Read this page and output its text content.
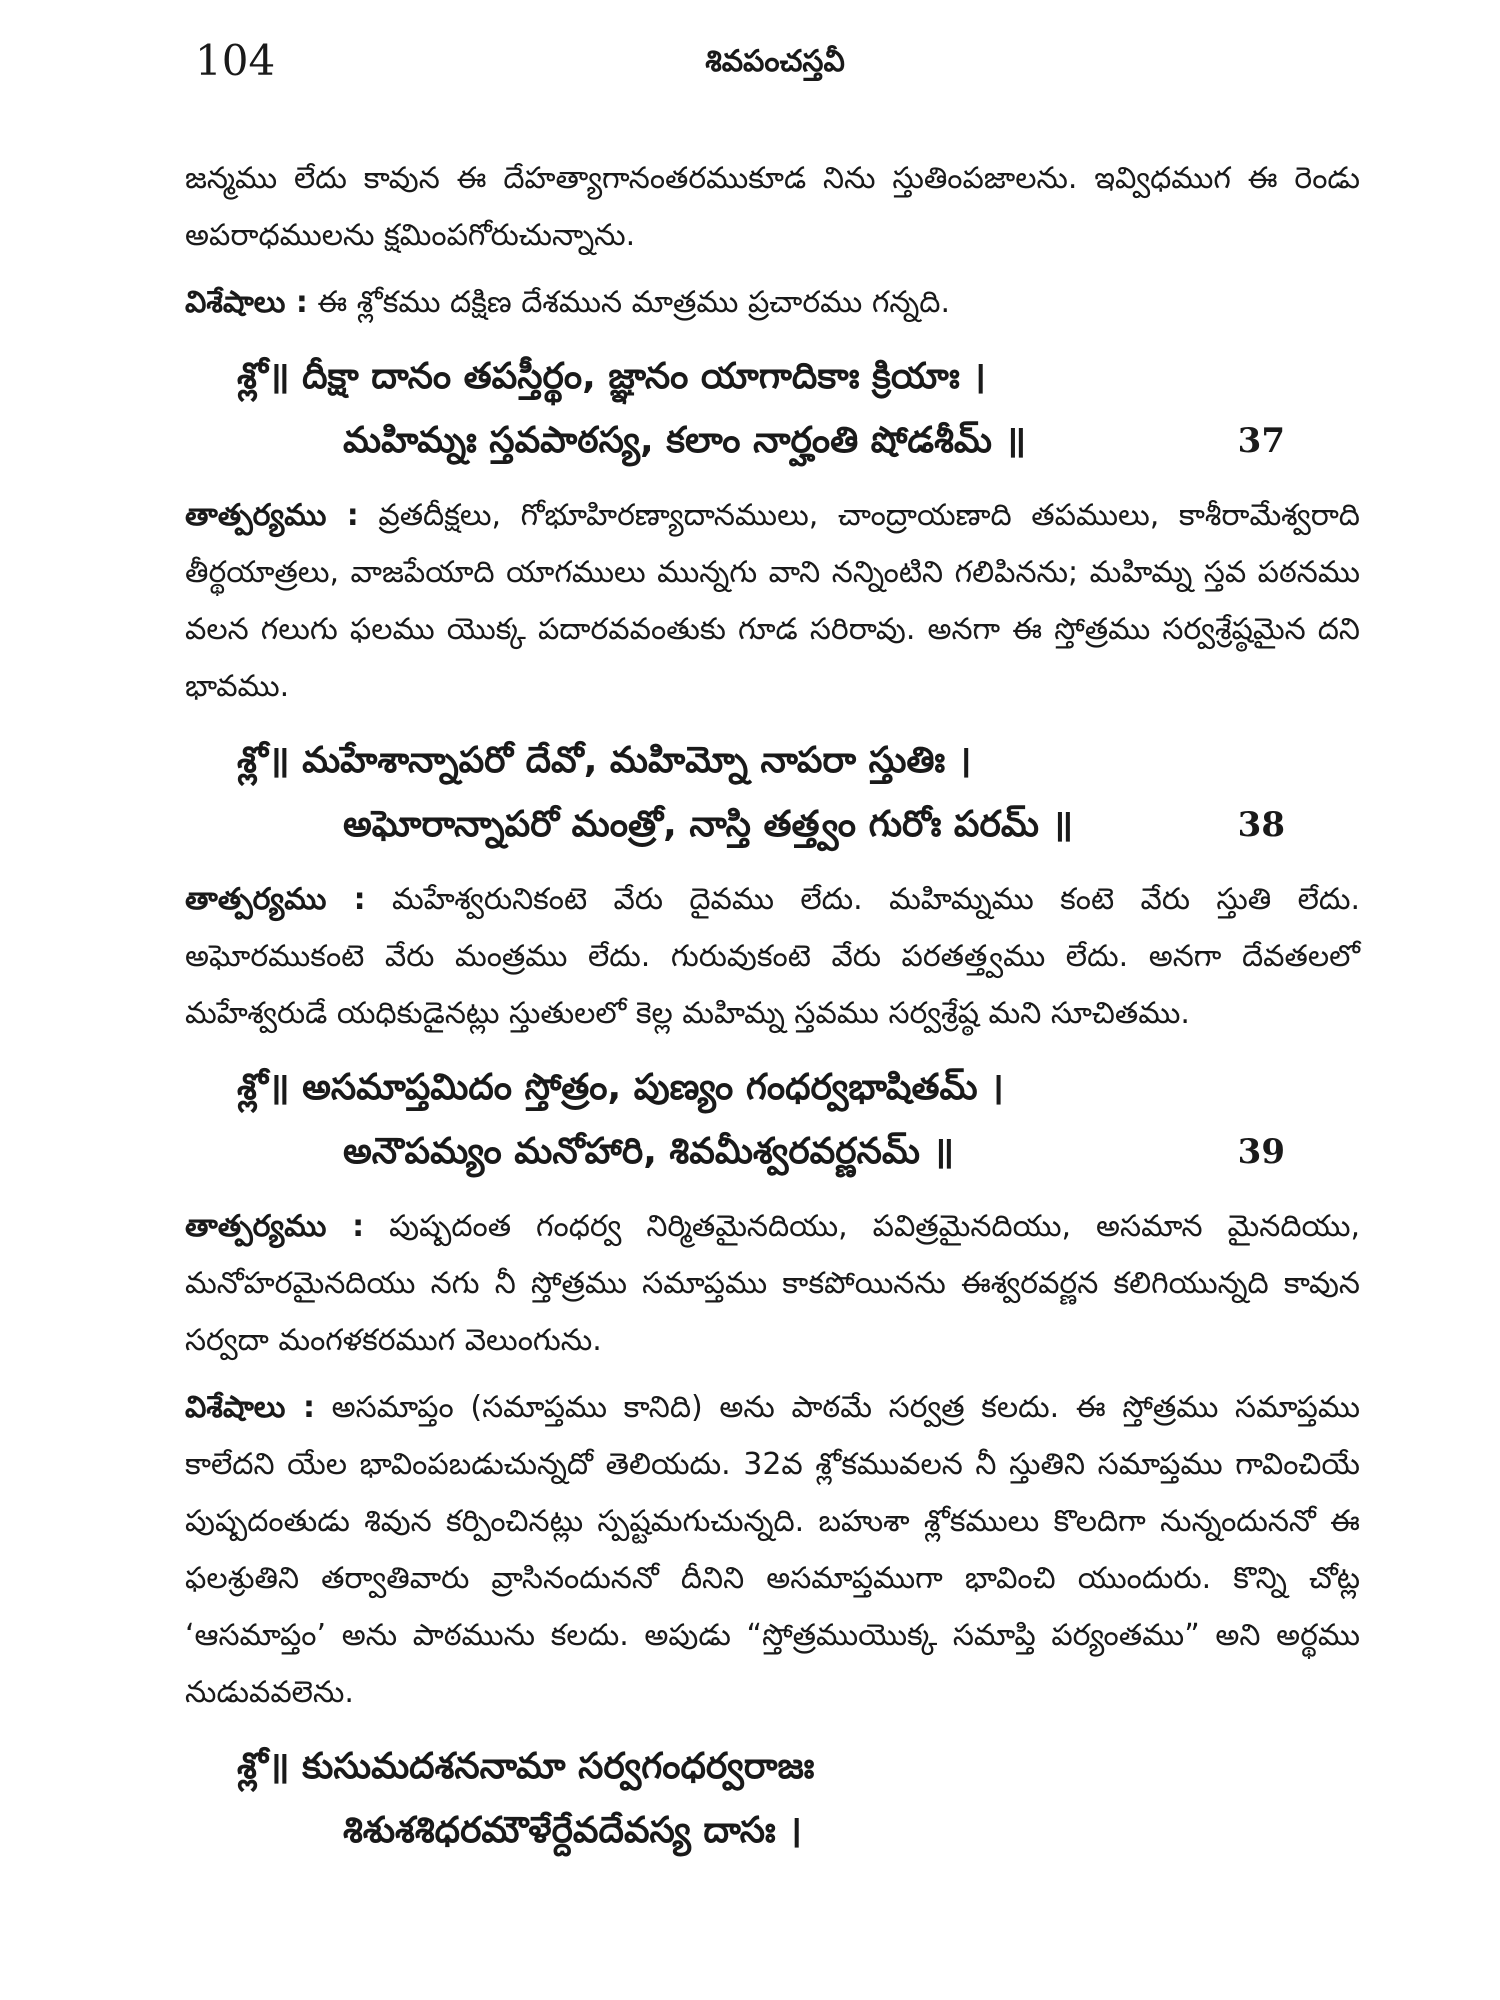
104	శివపంచస్తవీ

జన్మము లేదు కావున ఈ దేహత్యాగానంతరముకూడ నిను స్తుతింపజాలను. ఇవ్విధముగ ఈ రెండు అపరాధములను క్షమింపగోరుచున్నాను.

విశేషాలు : ఈ శ్లోకము దక్షిణ దేశమున మాత్రము ప్రచారము గన్నది.

శ్లో॥ దీక్షా దానం తపస్తీర్థం, జ్ఞానం యాగాదికాః క్రియాః ।
మహిమ్నః స్తవపాఠస్య, కలాం నార్హంతి షోడశీమ్ ॥	37

తాత్పర్యము : వ్రతదీక్షలు, గోభూహిరణ్యాదానములు, చాంద్రాయణాది తపములు, కాశీరామేశ్వరాది తీర్థయాత్రలు, వాజపేయాది యాగములు మున్నగు వాని నన్నింటిని గలిపినను; మహిమ్న స్తవ పఠనము వలన గలుగు ఫలము యొక్క పదారవవంతుకు గూడ సరిరావు. అనగా ఈ స్తోత్రము సర్వశ్రేష్ఠమైన దని భావము.

శ్లో॥ మహేశాన్నాపరో దేవో, మహిమ్నో నాపరా స్తుతిః ।
అఘోరాన్నాపరో మంత్రో, నాస్తి తత్త్వం గురోః పరమ్ ॥	38

తాత్పర్యము : మహేశ్వరునికంటె వేరు దైవము లేదు. మహిమ్నము కంటె వేరు స్తుతి లేదు. అఘోరముకంటె వేరు మంత్రము లేదు. గురువుకంటె వేరు పరతత్త్వము లేదు. అనగా దేవతలలో మహేశ్వరుడే యధికుడైనట్లు స్తుతులలో కెల్ల మహిమ్న స్తవము సర్వశ్రేష్ఠ మని సూచితము.

శ్లో॥ అసమాప్తమిదం స్తోత్రం, పుణ్యం గంధర్వభాషితమ్ ।
అనౌపమ్యం మనోహారి, శివమీశ్వరవర్ణనమ్ ॥	39

తాత్పర్యము : పుష్పదంత గంధర్వ నిర్మితమైనదియు, పవిత్రమైనదియు, అసమాన మైనదియు, మనోహరమైనదియు నగు నీ స్తోత్రము సమాప్తము కాకపోయినను ఈశ్వరవర్ణన కలిగియున్నది కావున సర్వదా మంగళకరముగ వెలుంగును.

విశేషాలు : అసమాప్తం (సమాప్తము కానిది) అను పాఠమే సర్వత్ర కలదు. ఈ స్తోత్రము సమాప్తము కాలేదని యేల భావింపబడుచున్నదో తెలియదు. 32వ శ్లోకమువలన నీ స్తుతిని సమాప్తము గావించియే పుష్పదంతుడు శివున కర్పించినట్లు స్పష్టమగుచున్నది. బహుశా శ్లోకములు కొలదిగా నున్నందుననో ఈ ఫలశ్రుతిని తర్వాతివారు వ్రాసినందుననో దీనిని అసమాప్తముగా భావించి యుందురు. కొన్ని చోట్ల ‘ఆసమాప్తం’ అను పాఠమును కలదు. అపుడు “స్తోత్రముయొక్క సమాప్తి పర్యంతము” అని అర్థము నుడువవలెను.

శ్లో॥ కుసుమదశననామా సర్వగంధర్వరాజః
శిశుశశిధరమౌళేర్దేవదేవస్య దాసః ।
